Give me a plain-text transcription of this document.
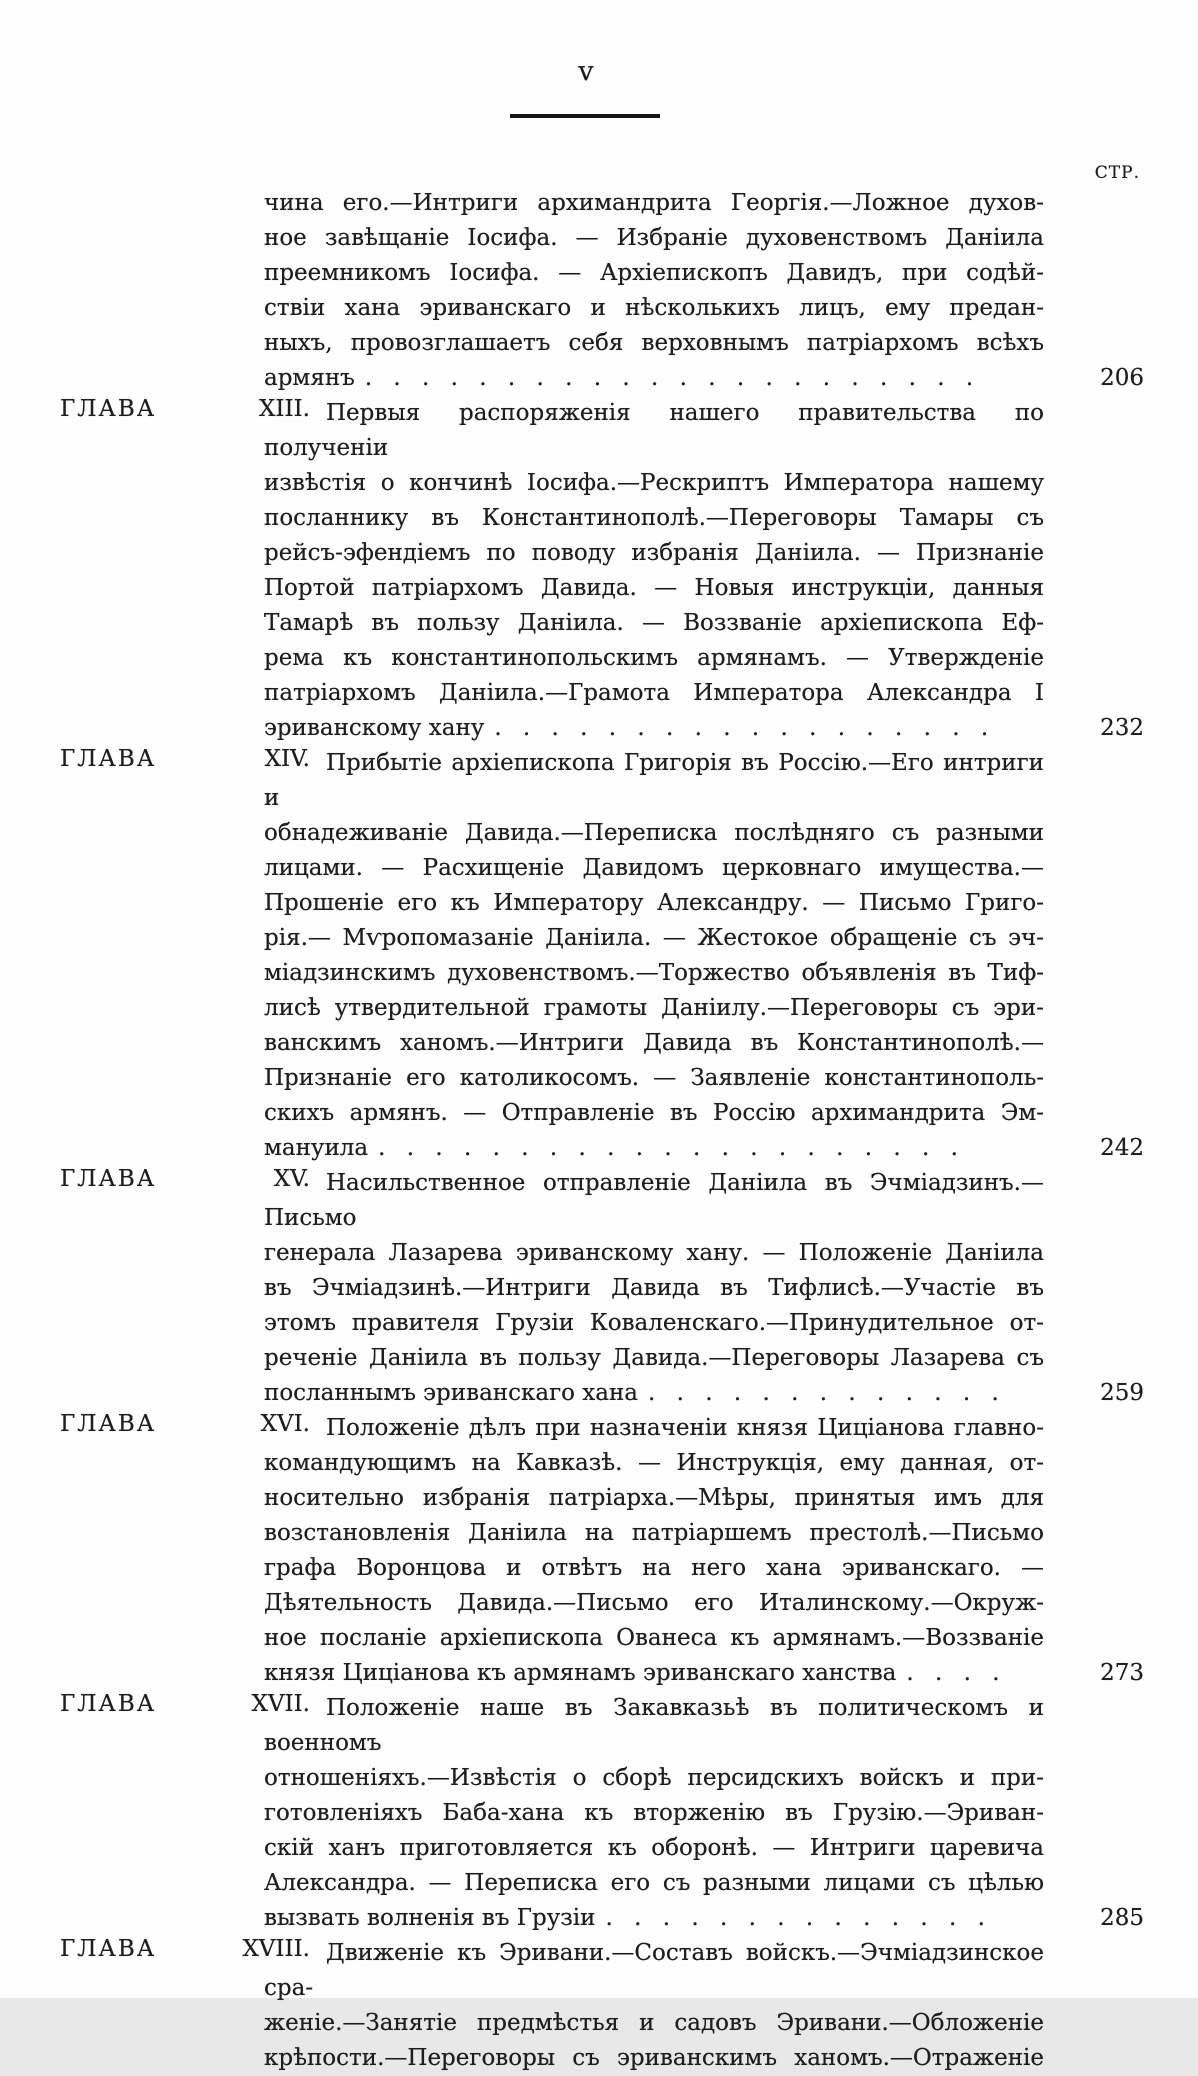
v
СТР.
чина его.—Интриги архимандрита Георгія.—Ложное духов-
ное завѣщаніе Іосифа. — Избраніе духовенствомъ Даніила
преемникомъ Іосифа. — Архіепископъ Давидъ, при содѣй-
ствіи хана эриванскаго и нѣсколькихъ лицъ, ему предан-
ныхъ, провозглашаетъ себя верховнымъ патріархомъ всѣхъ
армянъ . . . . . . . . . . . . . . . . . . . . . .	206
ГЛАВА	XIII. Первыя распоряженія нашего правительства по полученіи
извѣстія о кончинѣ Іосифа.—Рескриптъ Императора нашему
посланнику въ Константинополѣ.—Переговоры Тамары съ
рейсъ-эфендіемъ по поводу избранія Даніила. — Признаніе
Портой патріархомъ Давида. — Новыя инструкціи, данныя
Тамарѣ въ пользу Даніила. — Воззваніе архіепископа Еф-
рема къ константинопольскимъ армянамъ. — Утвержденіе
патріархомъ Даніила.—Грамота Императора Александра I
эриванскому хану . . . . . . . . . . . . . . . . . .	232
ГЛАВА	XIV. Прибытіе архіепископа Григорія въ Россію.—Его интриги и
обнадеживаніе Давида.—Переписка послѣдняго съ разными
лицами. — Расхищеніе Давидомъ церковнаго имущества.—
Прошеніе его къ Императору Александру. — Письмо Григо-
рія.— Мѵропомазаніе Даніила. — Жестокое обращеніе съ эч-
міадзинскимъ духовенствомъ.—Торжество объявленія въ Тиф-
лисѣ утвердительной грамоты Даніилу.—Переговоры съ эри-
ванскимъ ханомъ.—Интриги Давида въ Константинополѣ.—
Признаніе его католикосомъ. — Заявленіе константинополь-
скихъ армянъ. — Отправленіе въ Россію архимандрита Эм-
мануила . . . . . . . . . . . . . . . . . . . . .	242
ГЛАВА	XV. Насильственное отправленіе Даніила въ Эчміадзинъ.—Письмо
генерала Лазарева эриванскому хану. — Положеніе Даніила
въ Эчміадзинѣ.—Интриги Давида въ Тифлисѣ.—Участіе въ
этомъ правителя Грузіи Коваленскаго.—Принудительное от-
реченіе Даніила въ пользу Давида.—Переговоры Лазарева съ
посланнымъ эриванскаго хана . . . . . . . . . . . . .	259
ГЛАВА	XVI. Положеніе дѣлъ при назначеніи князя Циціанова главно-
командующимъ на Кавказѣ. — Инструкція, ему данная, от-
носительно избранія патріарха.—Мѣры, принятыя имъ для
возстановленія Даніила на патріаршемъ престолѣ.—Письмо
графа Воронцова и отвѣтъ на него хана эриванскаго. —
Дѣятельность Давида.—Письмо его Италинскому.—Окруж-
ное посланіе архіепископа Ованеса къ армянамъ.—Воззваніе
князя Циціанова къ армянамъ эриванскаго ханства . . . .	273
ГЛАВА	XVII. Положеніе наше въ Закавказьѣ въ политическомъ и военномъ
отношеніяхъ.—Извѣстія о сборѣ персидскихъ войскъ и при-
готовленіяхъ Баба-хана къ вторженію въ Грузію.—Эриван-
скій ханъ приготовляется къ оборонѣ. — Интриги царевича
Александра. — Переписка его съ разными лицами съ цѣлью
вызвать волненія въ Грузіи . . . . . . . . . . . . . .	285
ГЛАВА	XVIII. Движеніе къ Эривани.—Составъ войскъ.—Эчміадзинское сра-
женіе.—Занятіе предмѣстья и садовъ Эривани.—Обложеніе
крѣпости.—Переговоры съ эриванскимъ ханомъ.—Отраженіе
